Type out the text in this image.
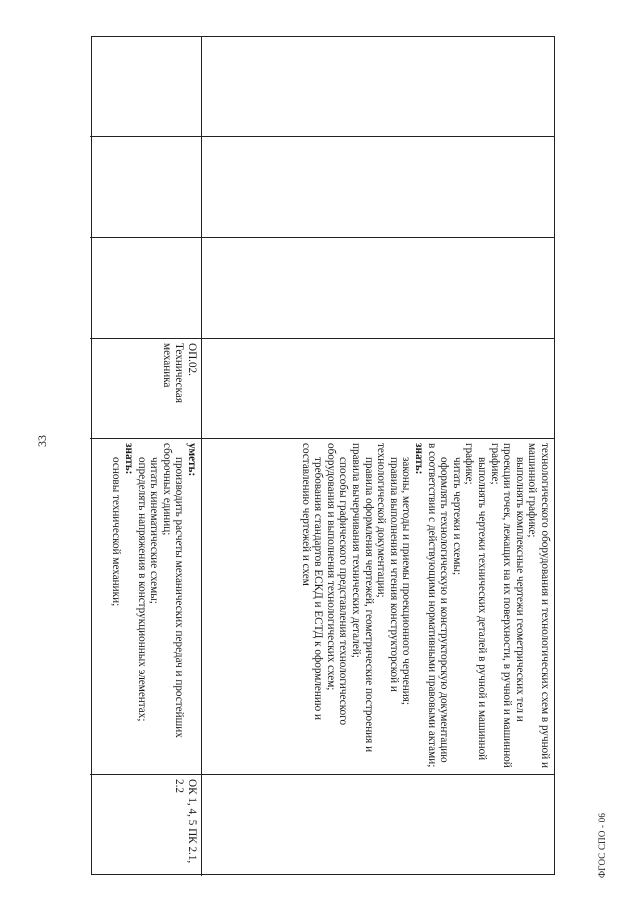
33

технологического оборудования и технологических схем в ручной и машинной графике;

выполнять комплексные чертежи геометрических тел и проекции точек, лежащих на их поверхности, в ручной и машинной графике;

выполнять чертежи технических деталей в ручной и машинной графике;

читать чертежи и схемы;

оформлять технологическую и конструкторскую документацию в соответствии с действующими нормативными правовыми актами;

знать:

законы, методы и приемы проекционного черчения;

правила выполнения и чтения конструкторской и технологической документации;

правила оформления чертежей, геометрические построения и правила вычерчивания технических деталей;

способы графического представления технологического оборудования и выполнения технологических схем;

требования стандартов ЕСКД и ЕСТД к оформлению и составлению чертежей и схем

ОП.02. Техническая механика

уметь:

производить расчеты механических передач и простейших сборочных единиц;

читать кинематические схемы;

определять напряжения в конструкционных элементах;

знать:

основы технической механики;

ОК 1, 4, 5 ПК 2.1, 2.2
ФГОС СПО - 06
